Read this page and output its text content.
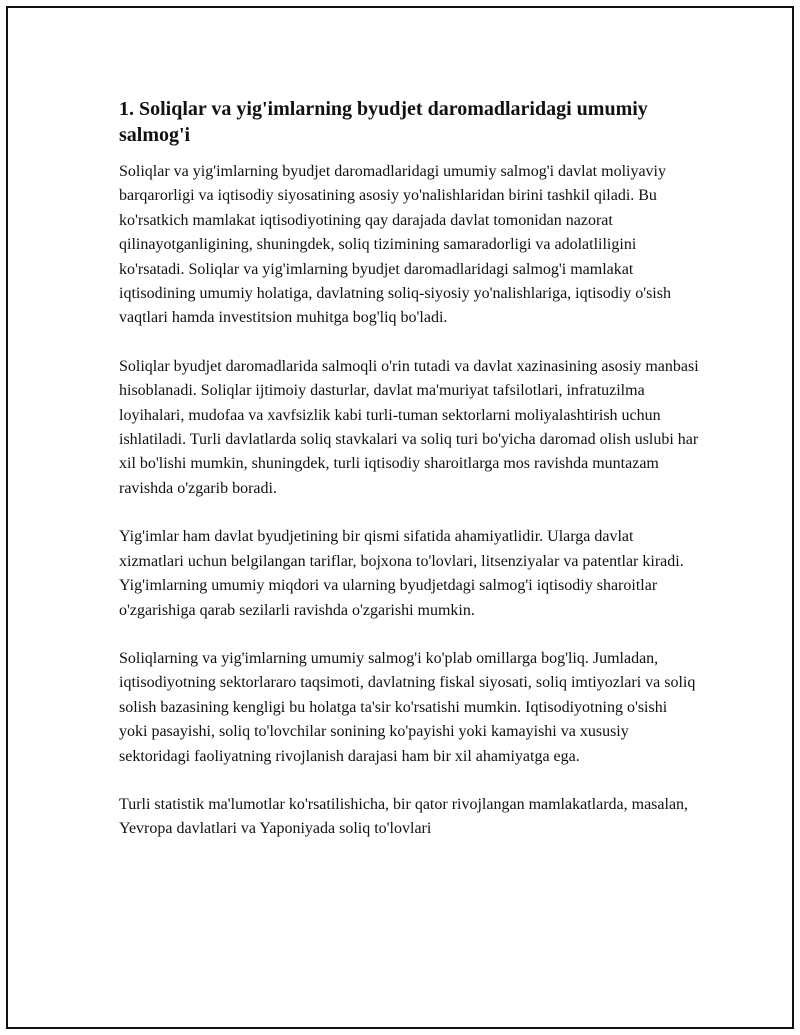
1. Soliqlar va yig'imlarning byudjet daromadlaridagi umumiy salmog'i

Soliqlar va yig'imlarning byudjet daromadlaridagi umumiy salmog'i davlat moliyaviy barqarorligi va iqtisodiy siyosatining asosiy yo'nalishlaridan birini tashkil qiladi. Bu ko'rsatkich mamlakat iqtisodiyotining qay darajada davlat tomonidan nazorat qilinayotganligining, shuningdek, soliq tizimining samaradorligi va adolatliligini ko'rsatadi. Soliqlar va yig'imlarning byudjet daromadlaridagi salmog'i mamlakat iqtisodining umumiy holatiga, davlatning soliq-siyosiy yo'nalishlariga, iqtisodiy o'sish vaqtlari hamda investitsion muhitga bog'liq bo'ladi.

Soliqlar byudjet daromadlarida salmoqli o'rin tutadi va davlat xazinasining asosiy manbasi hisoblanadi. Soliqlar ijtimoiy dasturlar, davlat ma'muriyat tafsilotlari, infratuzilma loyihalari, mudofaa va xavfsizlik kabi turli-tuman sektorlarni moliyalashtirish uchun ishlatiladi. Turli davlatlarda soliq stavkalari va soliq turi bo'yicha daromad olish uslubi har xil bo'lishi mumkin, shuningdek, turli iqtisodiy sharoitlarga mos ravishda muntazam ravishda o'zgarib boradi.

Yig'imlar ham davlat byudjetining bir qismi sifatida ahamiyatlidir. Ularga davlat xizmatlari uchun belgilangan tariflar, bojxona to'lovlari, litsenziyalar va patentlar kiradi. Yig'imlarning umumiy miqdori va ularning byudjetdagi salmog'i iqtisodiy sharoitlar o'zgarishiga qarab sezilarli ravishda o'zgarishi mumkin.

Soliqlarning va yig'imlarning umumiy salmog'i ko'plab omillarga bog'liq. Jumladan, iqtisodiyotning sektorlararo taqsimoti, davlatning fiskal siyosati, soliq imtiyozlari va soliq solish bazasining kengligi bu holatga ta'sir ko'rsatishi mumkin. Iqtisodiyotning o'sishi yoki pasayishi, soliq to'lovchilar sonining ko'payishi yoki kamayishi va xususiy sektoridagi faoliyatning rivojlanish darajasi ham bir xil ahamiyatga ega.

Turli statistik ma'lumotlar ko'rsatilishicha, bir qator rivojlangan mamlakatlarda, masalan, Yevropa davlatlari va Yaponiyada soliq to'lovlari
